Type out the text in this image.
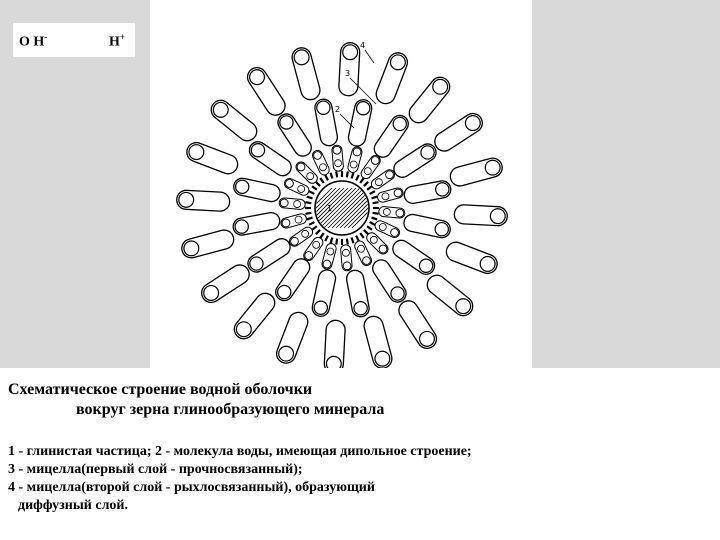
О Н-	Н+
1
4
3
2
Схематическое строение водной оболочки
вокруг зерна глинообразующего минерала
1 - глинистая частица; 2 - молекула воды, имеющая дипольное строение;
3 - мицелла(первый слой - прочносвязанный);
4 - мицелла(второй слой - рыхлосвязанный), образующий
диффузный слой.
